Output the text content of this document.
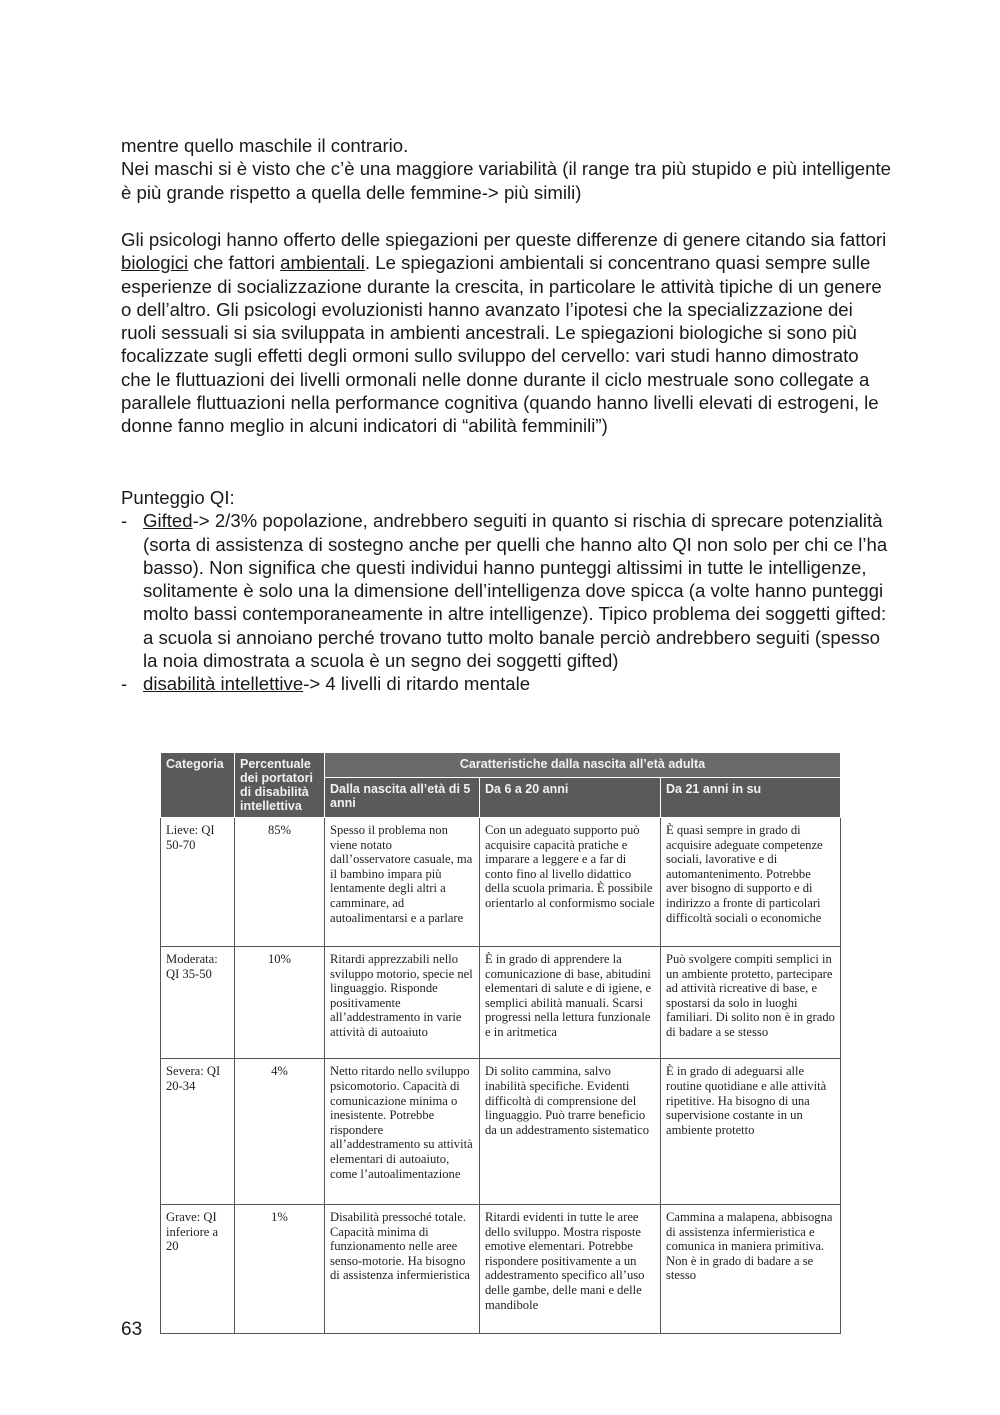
mentre quello maschile il contrario.

Nei maschi si è visto che c’è una maggiore variabilità (il range tra più stupido e più intelligente è più grande rispetto a quella delle femmine-> più simili)

Gli psicologi hanno offerto delle spiegazioni per queste differenze di genere citando sia fattori biologici che fattori ambientali. Le spiegazioni ambientali si concentrano quasi sempre sulle esperienze di socializzazione durante la crescita, in particolare le attività tipiche di un genere o dell’altro. Gli psicologi evoluzionisti hanno avanzato l’ipotesi che la specializzazione dei ruoli sessuali si sia sviluppata in ambienti ancestrali. Le spiegazioni biologiche si sono più focalizzate sugli effetti degli ormoni sullo sviluppo del cervello: vari studi hanno dimostrato che le fluttuazioni dei livelli ormonali nelle donne durante il ciclo mestruale sono collegate a parallele fluttuazioni nella performance cognitiva (quando hanno livelli elevati di estrogeni, le donne fanno meglio in alcuni indicatori di “abilità femminili”)

Punteggio QI:

- Gifted-> 2/3% popolazione, andrebbero seguiti in quanto si rischia di sprecare potenzialità (sorta di assistenza di sostegno anche per quelli che hanno alto QI non solo per chi ce l’ha basso). Non significa che questi individui hanno punteggi altissimi in tutte le intelligenze, solitamente è solo una la dimensione dell’intelligenza dove spicca (a volte hanno punteggi molto bassi contemporaneamente in altre intelligenze). Tipico problema dei soggetti gifted: a scuola si annoiano perché trovano tutto molto banale perciò andrebbero seguiti (spesso la noia dimostrata a scuola è un segno dei soggetti gifted)
- disabilità intellettive-> 4 livelli di ritardo mentale
Categoria	Percentuale dei portatori di disabilità intellettiva	Caratteristiche dalla nascita all’età adulta		
		Dalla nascita all’età di 5 anni	Da 6 a 20 anni	Da 21 anni in su
Lieve: QI 50-70	85%	Spesso il problema non viene notato dall’osservatore casuale, ma il bambino impara più lentamente degli altri a camminare, ad autoalimentarsi e a parlare	Con un adeguato supporto può acquisire capacità pratiche e imparare a leggere e a far di conto fino al livello didattico della scuola primaria. È possibile orientarlo al conformismo sociale	È quasi sempre in grado di acquisire adeguate competenze sociali, lavorative e di automantenimento. Potrebbe aver bisogno di supporto e di indirizzo a fronte di particolari difficoltà sociali o economiche
Moderata: QI 35-50	10%	Ritardi apprezzabili nello sviluppo motorio, specie nel linguaggio. Risponde positivamente all’addestramento in varie attività di autoaiuto	È in grado di apprendere la comunicazione di base, abitudini elementari di salute e di igiene, e semplici abilità manuali. Scarsi progressi nella lettura funzionale e in aritmetica	Può svolgere compiti semplici in un ambiente protetto, partecipare ad attività ricreative di base, e spostarsi da solo in luoghi familiari. Di solito non è in grado di badare a se stesso
Severa: QI 20-34	4%	Netto ritardo nello sviluppo psicomotorio. Capacità di comunicazione minima o inesistente. Potrebbe rispondere all’addestramento su attività elementari di autoaiuto, come l’autoalimentazione	Di solito cammina, salvo inabilità specifiche. Evidenti difficoltà di comprensione del linguaggio. Può trarre beneficio da un addestramento sistematico	È in grado di adeguarsi alle routine quotidiane e alle attività ripetitive. Ha bisogno di una supervisione costante in un ambiente protetto
Grave: QI inferiore a 20	1%	Disabilità pressoché totale. Capacità minima di funzionamento nelle aree senso-motorie. Ha bisogno di assistenza infermieristica	Ritardi evidenti in tutte le aree dello sviluppo. Mostra risposte emotive elementari. Potrebbe rispondere positivamente a un addestramento specifico all’uso delle gambe, delle mani e delle mandibole	Cammina a malapena, abbisogna di assistenza infermieristica e comunica in maniera primitiva. Non è in grado di badare a se stesso
63
